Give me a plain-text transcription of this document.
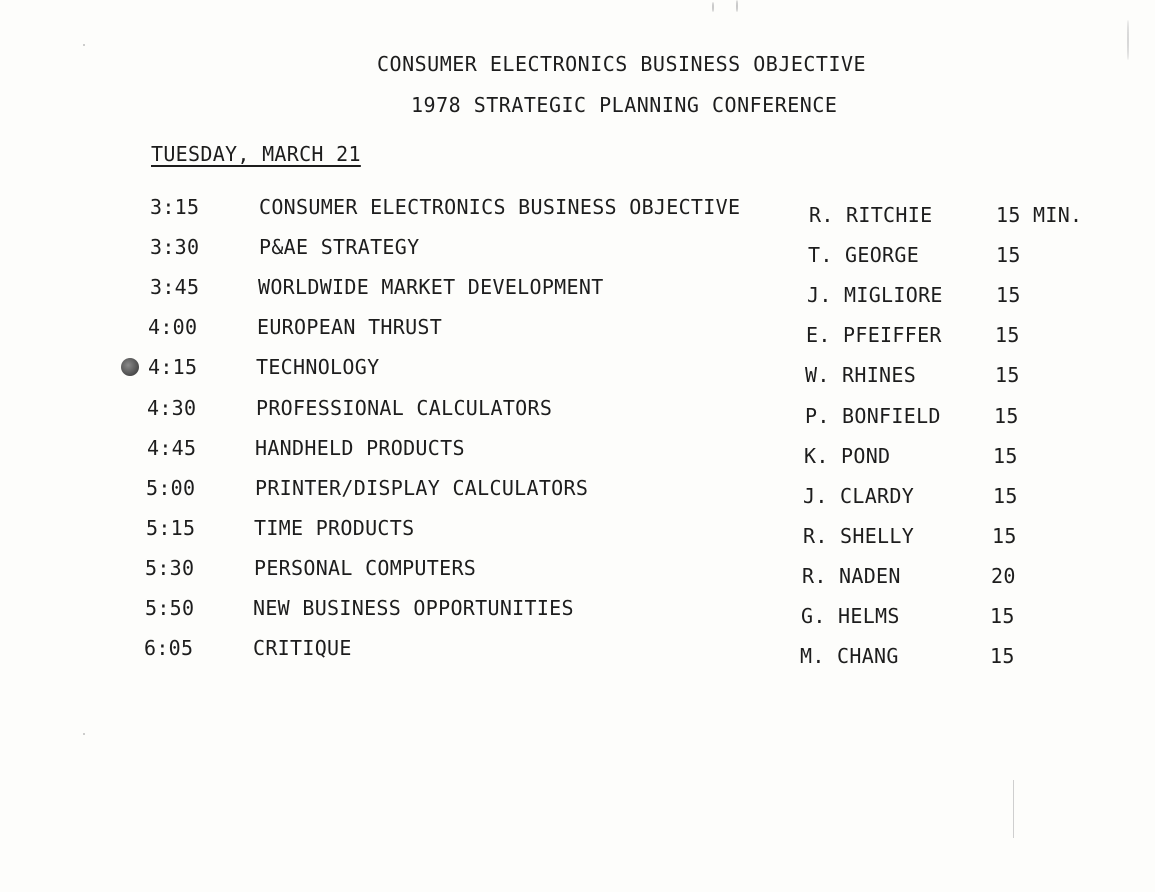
CONSUMER ELECTRONICS BUSINESS OBJECTIVE
1978 STRATEGIC PLANNING CONFERENCE
TUESDAY, MARCH 21
3:15	CONSUMER ELECTRONICS BUSINESS OBJECTIVE	R. RITCHIE	15 MIN.
3:30	P&AE STRATEGY	T. GEORGE	15
3:45	WORLDWIDE MARKET DEVELOPMENT	J. MIGLIORE	15
4:00	EUROPEAN THRUST	E. PFEIFFER	15
4:15	TECHNOLOGY	W. RHINES	15
4:30	PROFESSIONAL CALCULATORS	P. BONFIELD	15
4:45	HANDHELD PRODUCTS	K. POND	15
5:00	PRINTER/DISPLAY CALCULATORS	J. CLARDY	15
5:15	TIME PRODUCTS	R. SHELLY	15
5:30	PERSONAL COMPUTERS	R. NADEN	20
5:50	NEW BUSINESS OPPORTUNITIES	G. HELMS	15
6:05	CRITIQUE	M. CHANG	15
